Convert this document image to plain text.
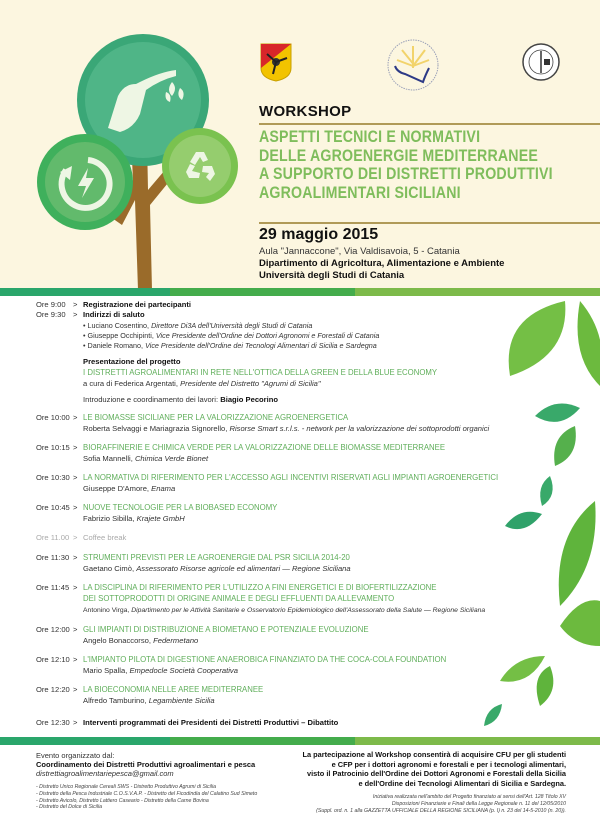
WORKSHOP
ASPETTI TECNICI E NORMATIVI
DELLE AGROENERGIE MEDITERRANEE
A SUPPORTO DEI DISTRETTI PRODUTTIVI
AGROALIMENTARI SICILIANI
29 maggio 2015
Aula "Jannaccone", Via Valdisavoia, 5 - Catania
Dipartimento di Agricoltura, Alimentazione e Ambiente
Università degli Studi di Catania
Ore 9:00 > Registrazione dei partecipanti
Ore 9:30 > Indirizzi di saluto
• Luciano Cosentino, Direttore Di3A dell'Università degli Studi di Catania
• Giuseppe Occhipinti, Vice Presidente dell'Ordine dei Dottori Agronomi e Forestali di Catania
• Daniele Romano, Vice Presidente dell'Ordine dei Tecnologi Alimentari di Sicilia e Sardegna
Presentazione del progetto
I DISTRETTI AGROALIMENTARI IN RETE NELL'OTTICA DELLA GREEN E DELLA BLUE ECONOMY
a cura di Federica Argentati, Presidente del Distretto "Agrumi di Sicilia"
Introduzione e coordinamento dei lavori: Biagio Pecorino
Ore 10:00 > LE BIOMASSE SICILIANE PER LA VALORIZZAZIONE AGROENERGETICA
Roberta Selvaggi e Mariagrazia Signorello, Risorse Smart s.r.l.s. - network per la valorizzazione dei sottoprodotti organici
Ore 10:15 > BIORAFFINERIE E CHIMICA VERDE PER LA VALORIZZAZIONE DELLE BIOMASSE MEDITERRANEE
Sofia Mannelli, Chimica Verde Bionet
Ore 10:30 > LA NORMATIVA DI RIFERIMENTO PER L'ACCESSO AGLI INCENTIVI RISERVATI AGLI IMPIANTI AGROENERGETICI
Giuseppe D'Amore, Enama
Ore 10:45 > NUOVE TECNOLOGIE PER LA BIOBASED ECONOMY
Fabrizio Sibilla, Krajete GmbH
Ore 11.00 > Coffee break
Ore 11:30 > STRUMENTI PREVISTI PER LE AGROENERGIE DAL PSR SICILIA 2014-20
Gaetano Cimò, Assessorato Risorse agricole ed alimentari — Regione Siciliana
Ore 11:45 > LA DISCIPLINA DI RIFERIMENTO PER L'UTILIZZO A FINI ENERGETICI E DI BIOFERTILIZZAZIONE
DEI SOTTOPRODOTTI DI ORIGINE ANIMALE E DEGLI EFFLUENTI DA ALLEVAMENTO
Antonino Virga, Dipartimento per le Attività Sanitarie e Osservatorio Epidemiologico dell'Assessorato della Salute — Regione Siciliana
Ore 12:00 > GLI IMPIANTI DI DISTRIBUZIONE A BIOMETANO E POTENZIALE EVOLUZIONE
Angelo Bonaccorso, Federmetano
Ore 12:10 > L'IMPIANTO PILOTA DI DIGESTIONE ANAEROBICA FINANZIATO DA THE COCA-COLA FOUNDATION
Mario Spalla, Empedocle Società Cooperativa
Ore 12:20 > LA BIOECONOMIA NELLE AREE MEDITERRANEE
Alfredo Tamburino, Legambiente Sicilia
Ore 12:30 > Interventi programmati dei Presidenti dei Distretti Produttivi – Dibattito
Evento organizzato dal:
Coordinamento dei Distretti Produttivi agroalimentari e pesca
distrettiagroalimentariepesca@gmail.com
- Distretto Unico Regionale Cereali SWS - Distretto Produttivo Agrumi di Sicilia
- Distretto della Pesca Industriale C.O.S.V.A.P. - Distretto del Ficodindia del Calatino Sud Simeto
- Distretto Avicolo, Distretto Lattiero Caseario - Distretto della Carne Bovina
- Distretto del Dolce di Sicilia
La partecipazione al Workshop consentirà di acquisire CFU per gli studenti
e CFP per i dottori agronomi e forestali e per i tecnologi alimentari,
visto il Patrocinio dell'Ordine dei Dottori Agronomi e Forestali della Sicilia
e dell'Ordine dei Tecnologi Alimentari di Sicilia e Sardegna.
Iniziativa realizzata nell'ambito del Progetto finanziato ai sensi dell'Art. 128 Titolo XV
Disposizioni Finanziarie e Finali della Legge Regionale n. 11 del 12/05/2010
(Suppl. ord. n. 1 alla GAZZETTA UFFICIALE DELLA REGIONE SICILIANA (p. I) n. 23 del 14-5-2010 (n. 20)).
